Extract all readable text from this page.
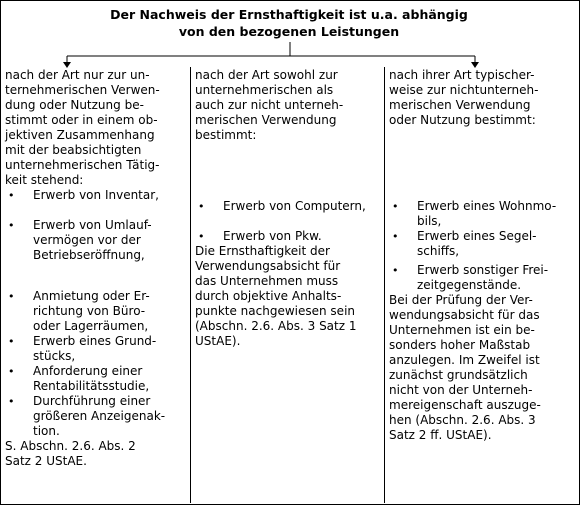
Der Nachweis der Ernsthaftigkeit ist u.a. abhängig
von den bezogenen Leistungen

nach der Art nur zur un-
ternehmerischen Verwen-
dung oder Nutzung be-
stimmt oder in einem ob-
jektiven Zusammenhang
mit der beabsichtigten
unternehmerischen Tätig-
keit stehend:

• Erwerb von Inventar,
• Erwerb von Umlauf-
vermögen vor der
Betriebseröffnung,
• Anmietung oder Er-
richtung von Büro-
oder Lagerräumen,
• Erwerb eines Grund-
stücks,
• Anforderung einer
Rentabilitätsstudie,
• Durchführung einer
größeren Anzeigenak-
tion.

S. Abschn. 2.6. Abs. 2
Satz 2 UStAE.

nach der Art sowohl zur
unternehmerischen als
auch zur nicht unterneh-
merischen Verwendung
bestimmt:

• Erwerb von Computern,
• Erwerb von Pkw.

Die Ernsthaftigkeit der
Verwendungsabsicht für
das Unternehmen muss
durch objektive Anhalts-
punkte nachgewiesen sein
(Abschn. 2.6. Abs. 3 Satz 1
UStAE).

nach ihrer Art typischer-
weise zur nichtunterneh-
merischen Verwendung
oder Nutzung bestimmt:

• Erwerb eines Wohnmo-
bils,
• Erwerb eines Segel-
schiffs,
• Erwerb sonstiger Frei-
zeitgegenstände.

Bei der Prüfung der Ver-
wendungsabsicht für das
Unternehmen ist ein be-
sonders hoher Maßstab
anzulegen. Im Zweifel ist
zunächst grundsätzlich
nicht von der Unterneh-
mereigenschaft auszuge-
hen (Abschn. 2.6. Abs. 3
Satz 2 ff. UStAE).
